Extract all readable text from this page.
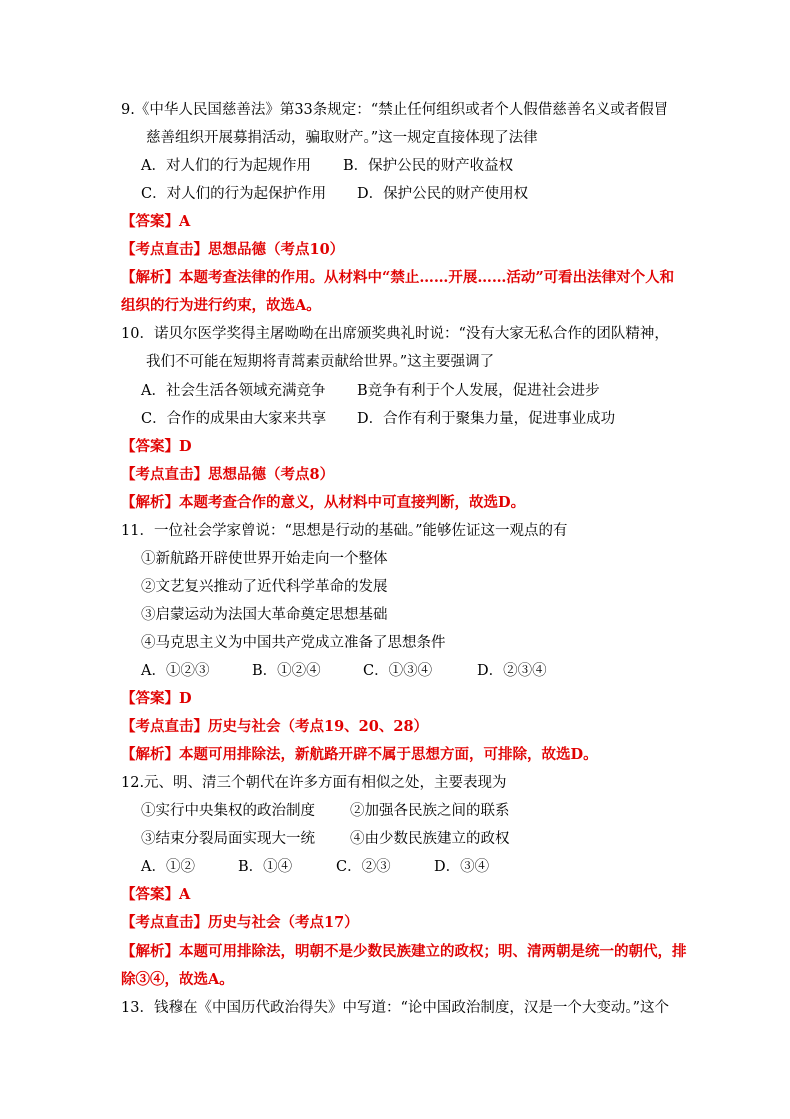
9.《中华人民国慈善法》第33条规定：“禁止任何组织或者个人假借慈善名义或者假冒
慈善组织开展募捐活动，骗取财产。”这一规定直接体现了法律
A．对人们的行为起规作用 B．保护公民的财产收益权
C．对人们的行为起保护作用 D．保护公民的财产使用权
【答案】A
【考点直击】思想品德（考点10）
【解析】本题考查法律的作用。从材料中“禁止……开展……活动”可看出法律对个人和
组织的行为进行约束，故选A。
10．诺贝尔医学奖得主屠呦呦在出席颁奖典礼时说：“没有大家无私合作的团队精神，
我们不可能在短期将青蒿素贡献给世界。”这主要强调了
A．社会生活各领域充满竞争 B竞争有利于个人发展，促进社会进步
C．合作的成果由大家来共享 D．合作有利于聚集力量，促进事业成功
【答案】D
【考点直击】思想品德（考点8）
【解析】本题考查合作的意义，从材料中可直接判断，故选D。
11．一位社会学家曾说：“思想是行动的基础。”能够佐证这一观点的有
①新航路开辟使世界开始走向一个整体
②文艺复兴推动了近代科学革命的发展
③启蒙运动为法国大革命奠定思想基础
④马克思主义为中国共产党成立准备了思想条件
A．①②③	B．①②④	C．①③④	D．②③④
【答案】D
【考点直击】历史与社会（考点19、20、28）
【解析】本题可用排除法，新航路开辟不属于思想方面，可排除，故选D。
12.元、明、清三个朝代在许多方面有相似之处，主要表现为
①实行中央集权的政治制度 ②加强各民族之间的联系
③结束分裂局面实现大一统 ④由少数民族建立的政权
A．①②	B．①④	C．②③	D．③④
【答案】A
【考点直击】历史与社会（考点17）
【解析】本题可用排除法，明朝不是少数民族建立的政权；明、清两朝是统一的朝代，排
除③④，故选A。
13．钱穆在《中国历代政治得失》中写道：“论中国政治制度，汉是一个大变动。”这个
